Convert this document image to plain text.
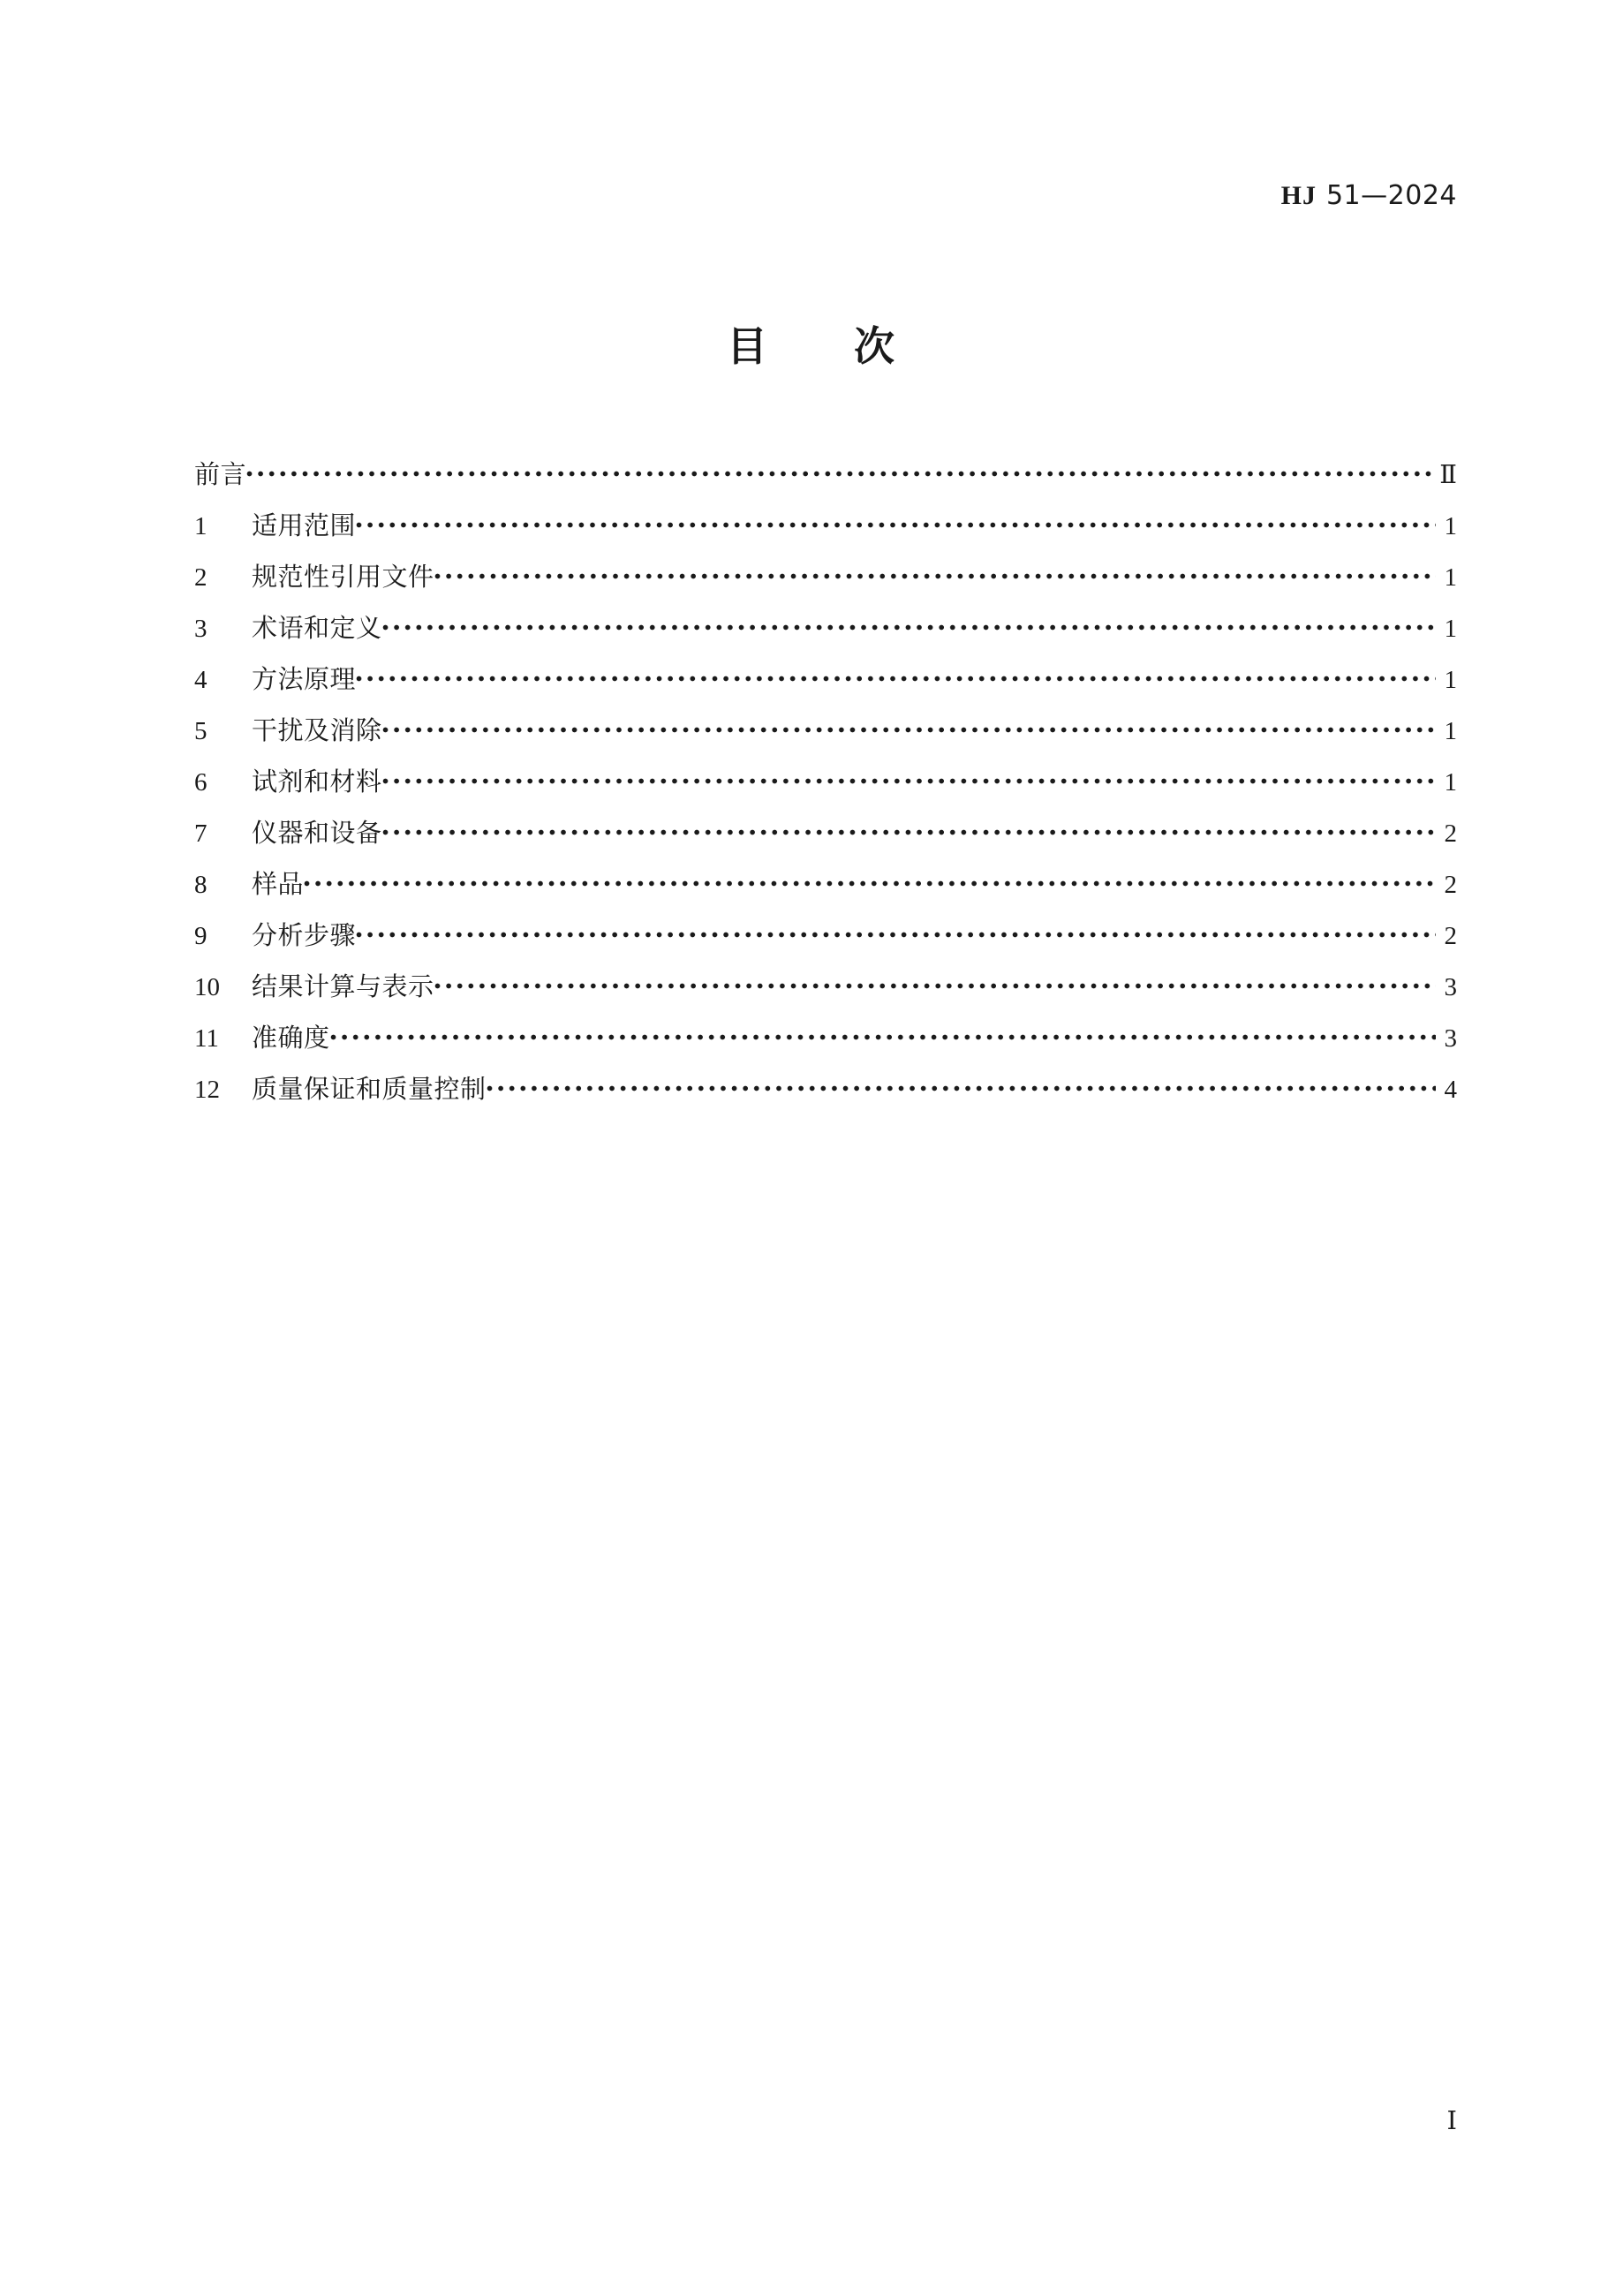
HJ 51—2024
目　　次
前言	Ⅱ
1	适用范围	1
2	规范性引用文件	1
3	术语和定义	1
4	方法原理	1
5	干扰及消除	1
6	试剂和材料	1
7	仪器和设备	2
8	样品	2
9	分析步骤	2
10	结果计算与表示	3
11	准确度	3
12	质量保证和质量控制	4
Ⅰ
